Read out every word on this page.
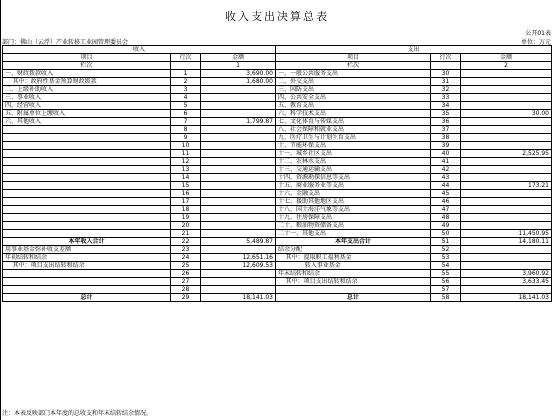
收入支出决算总表
公开01表
部门：佛山（云浮）产业转移工业园管理委员会	单位：万元
收入			支出		
项目	行次	金额	项目	行次	金额
栏次		1	栏次		2
一、财政拨款收入	1	3,690.00	一、一般公共服务支出	30	
其中：政府性基金预算财政拨款	2	1,680.00	二、外交支出	31	
二、上级补助收入	3		三、国防支出	32	
三、事业收入	4		四、公共安全支出	33	
四、经营收入	5		五、教育支出	34	
五、附属单位上缴收入	6		六、科学技术支出	35	30.00
六、其他收入	7	1,799.87	七、文化体育与传媒支出	36	
	8		八、社会保障和就业支出	37	
	9		九、医疗卫生与计划生育支出	38	
	10		十、节能环保支出	39	
	11		十一、城乡社区支出	40	2,525.95
	12		十二、农林水支出	41	
	13		十三、交通运输支出	42	
	14		十四、资源勘探信息等支出	43	
	15		十五、商业服务业等支出	44	173.21
	16		十六、金融支出	45	
	17		十七、援助其他地区支出	46	
	18		十八、国土海洋气象等支出	47	
	19		十九、住房保障支出	48	
	20		二十、粮油物资储备支出	49	
	21		二十一、其他支出	50	11,450.95
本年收入合计	22	5,489.87	本年支出合计	51	14,180.11
用事业基金弥补收支差额	23		结余分配	52	
年初结转和结余	24	12,651.16	其中：提取职工福利基金	53	
其中：项目支出结转和结余	25	12,609.53	转入事业基金	54	
	26		年末结转和结余	55	3,960.92
	27		其中：项目支出结转和结余	56	3,633.45
	28			57	
总计	29	18,141.03	总计	58	18,141.03
注：本表反映部门本年度的总收支和年末结转结余情况。
